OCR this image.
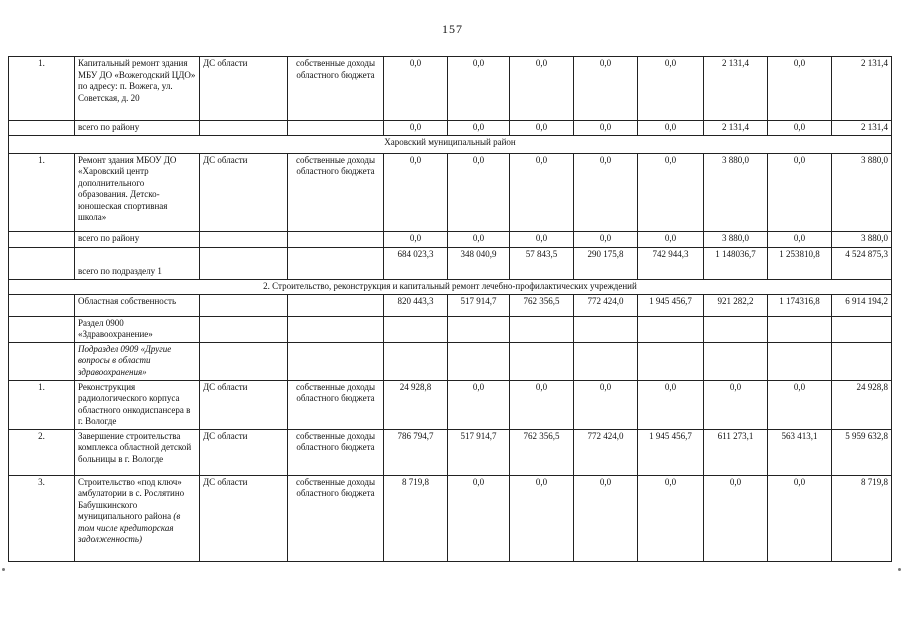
157
1.	Капитальный ремонт здания МБУ ДО «Вожегодский ЦДО» по адресу: п. Вожега, ул. Советская, д. 20	ДС области	собственные доходы областного бюджета	0,0	0,0	0,0	0,0	0,0	2 131,4	0,0	2 131,4
	всего по району			0,0	0,0	0,0	0,0	0,0	2 131,4	0,0	2 131,4
Харовский муниципальный район											
1.	Ремонт здания МБОУ ДО «Харовский центр дополнительного образования. Детско-юношеская спортивная школа»	ДС области	собственные доходы областного бюджета	0,0	0,0	0,0	0,0	0,0	3 880,0	0,0	3 880,0
	всего по району			0,0	0,0	0,0	0,0	0,0	3 880,0	0,0	3 880,0
	всего по подразделу 1			684 023,3	348 040,9	57 843,5	290 175,8	742 944,3	1 148036,7	1 253810,8	4 524 875,3
2. Строительство, реконструкция и капитальный ремонт лечебно-профилактических учреждений											
	Областная собственность			820 443,3	517 914,7	762 356,5	772 424,0	1 945 456,7	921 282,2	1 174316,8	6 914 194,2
	Раздел 0900 «Здравоохранение»										
	Подраздел 0909 «Другие вопросы в области здравоохранения»										
1.	Реконструкция радиологического корпуса областного онкодиспансера в г. Вологде	ДС области	собственные доходы областного бюджета	24 928,8	0,0	0,0	0,0	0,0	0,0	0,0	24 928,8
2.	Завершение строительства комплекса областной детской больницы в г. Вологде	ДС области	собственные доходы областного бюджета	786 794,7	517 914,7	762 356,5	772 424,0	1 945 456,7	611 273,1	563 413,1	5 959 632,8
3.	Строительство «под ключ» амбулатории в с. Рослятино Бабушкинского муниципального района (в том числе кредиторская задолженность)	ДС области	собственные доходы областного бюджета	8 719,8	0,0	0,0	0,0	0,0	0,0	0,0	8 719,8
